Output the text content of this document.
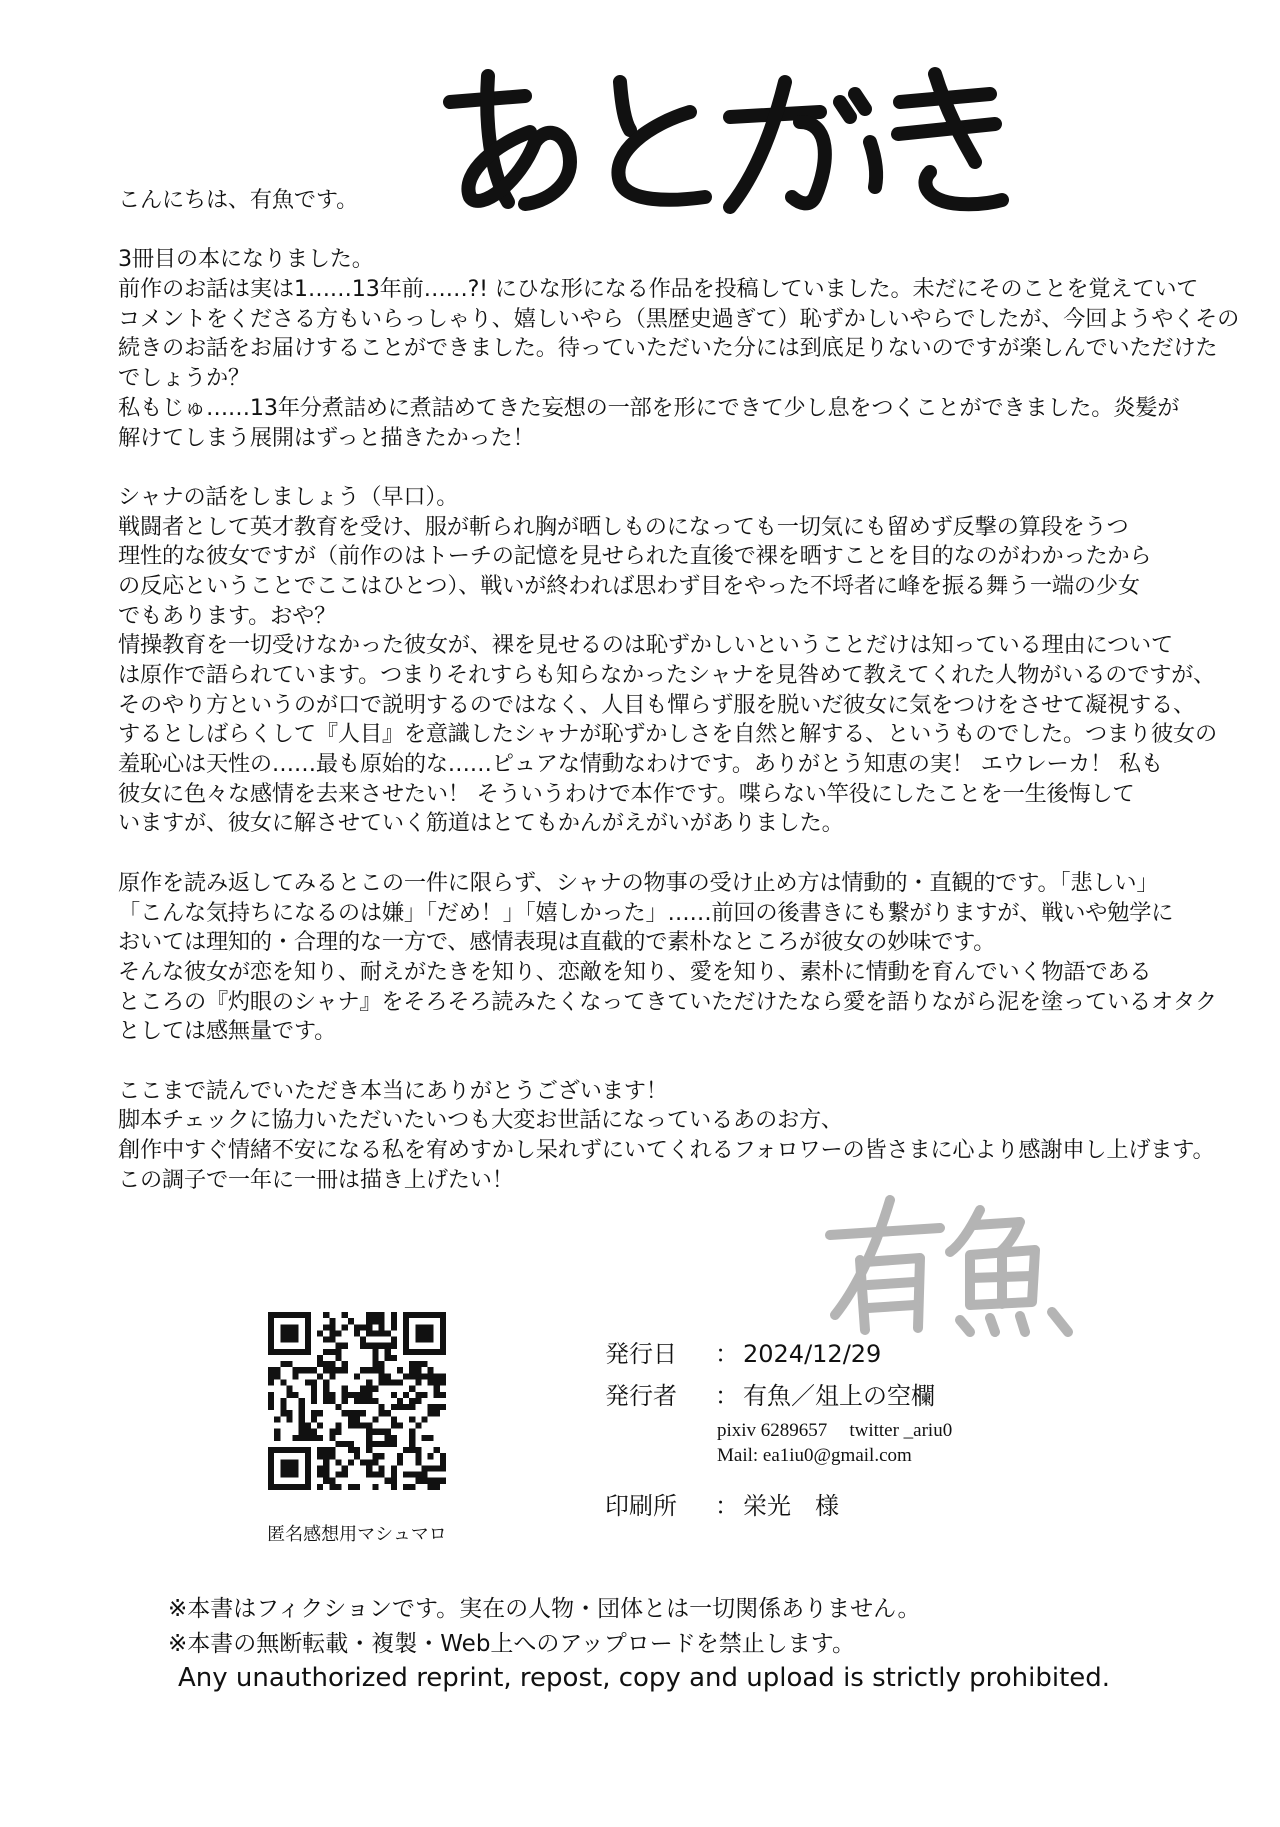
こんにちは、有魚です。
3冊目の本になりました。
前作のお話は実は1……13年前……?! にひな形になる作品を投稿していました。未だにそのことを覚えていて
コメントをくださる方もいらっしゃり、嬉しいやら（黒歴史過ぎて）恥ずかしいやらでしたが、今回ようやくその
続きのお話をお届けすることができました。待っていただいた分には到底足りないのですが楽しんでいただけた
でしょうか？
私もじゅ……13年分煮詰めに煮詰めてきた妄想の一部を形にできて少し息をつくことができました。炎髪が
解けてしまう展開はずっと描きたかった！
シャナの話をしましょう（早口）。
戦闘者として英才教育を受け、服が斬られ胸が晒しものになっても一切気にも留めず反撃の算段をうつ
理性的な彼女ですが（前作のはトーチの記憶を見せられた直後で裸を晒すことを目的なのがわかったから
の反応ということでここはひとつ）、戦いが終われば思わず目をやった不埒者に峰を振る舞う一端の少女
でもあります。おや？
情操教育を一切受けなかった彼女が、裸を見せるのは恥ずかしいということだけは知っている理由について
は原作で語られています。つまりそれすらも知らなかったシャナを見咎めて教えてくれた人物がいるのですが、
そのやり方というのが口で説明するのではなく、人目も憚らず服を脱いだ彼女に気をつけをさせて凝視する、
するとしばらくして『人目』を意識したシャナが恥ずかしさを自然と解する、というものでした。つまり彼女の
羞恥心は天性の……最も原始的な……ピュアな情動なわけです。ありがとう知恵の実！ エウレーカ！ 私も
彼女に色々な感情を去来させたい！ そういうわけで本作です。喋らない竿役にしたことを一生後悔して
いますが、彼女に解させていく筋道はとてもかんがえがいがありました。
原作を読み返してみるとこの一件に限らず、シャナの物事の受け止め方は情動的・直観的です。「悲しい」
「こんな気持ちになるのは嫌」「だめ！」「嬉しかった」……前回の後書きにも繋がりますが、戦いや勉学に
おいては理知的・合理的な一方で、感情表現は直截的で素朴なところが彼女の妙味です。
そんな彼女が恋を知り、耐えがたきを知り、恋敵を知り、愛を知り、素朴に情動を育んでいく物語である
ところの『灼眼のシャナ』をそろそろ読みたくなってきていただけたなら愛を語りながら泥を塗っているオタク
としては感無量です。
ここまで読んでいただき本当にありがとうございます！
脚本チェックに協力いただいたいつも大変お世話になっているあのお方、
創作中すぐ情緒不安になる私を宥めすかし呆れずにいてくれるフォロワーの皆さまに心より感謝申し上げます。
この調子で一年に一冊は描き上げたい！
匿名感想用マシュマロ
発行日	： 2024/12/29
発行者	： 有魚／俎上の空欄
pixiv 6289657 twitter _ariu0
Mail: ea1iu0@gmail.com
印刷所	： 栄光　様
※本書はフィクションです。実在の人物・団体とは一切関係ありません。
※本書の無断転載・複製・Web上へのアップロードを禁止します。
Any unauthorized reprint, repost, copy and upload is strictly prohibited.
